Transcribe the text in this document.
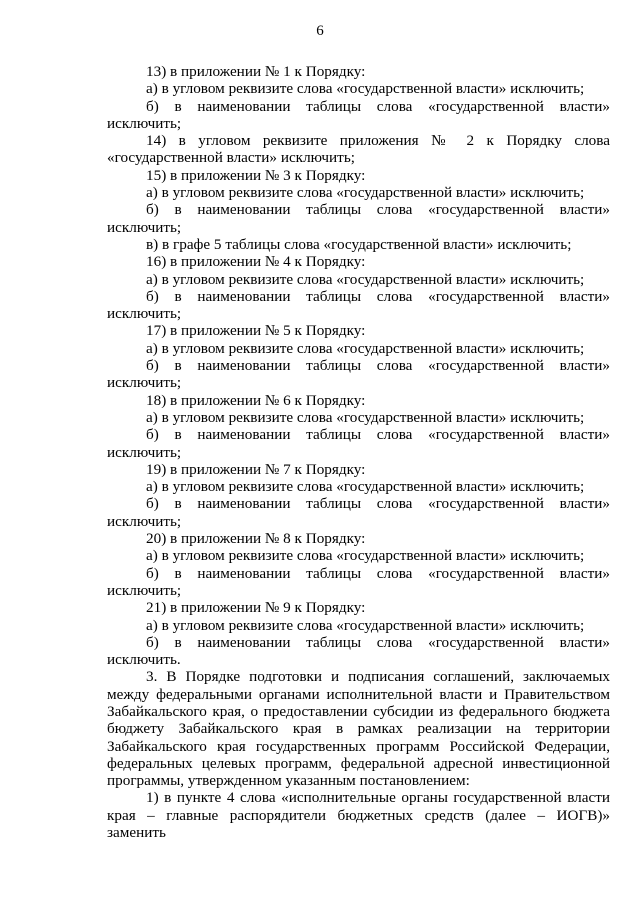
6

13) в приложении № 1 к Порядку:

а) в угловом реквизите слова «государственной власти» исключить;

б) в наименовании таблицы слова «государственной власти» исключить;

14) в угловом реквизите приложения № 2 к Порядку слова «государственной власти» исключить;

15) в приложении № 3 к Порядку:

а) в угловом реквизите слова «государственной власти» исключить;

б) в наименовании таблицы слова «государственной власти» исключить;

в) в графе 5 таблицы слова «государственной власти» исключить;

16) в приложении № 4 к Порядку:

а) в угловом реквизите слова «государственной власти» исключить;

б) в наименовании таблицы слова «государственной власти» исключить;

17) в приложении № 5 к Порядку:

а) в угловом реквизите слова «государственной власти» исключить;

б) в наименовании таблицы слова «государственной власти» исключить;

18) в приложении № 6 к Порядку:

а) в угловом реквизите слова «государственной власти» исключить;

б) в наименовании таблицы слова «государственной власти» исключить;

19) в приложении № 7 к Порядку:

а) в угловом реквизите слова «государственной власти» исключить;

б) в наименовании таблицы слова «государственной власти» исключить;

20) в приложении № 8 к Порядку:

а) в угловом реквизите слова «государственной власти» исключить;

б) в наименовании таблицы слова «государственной власти» исключить;

21) в приложении № 9 к Порядку:

а) в угловом реквизите слова «государственной власти» исключить;

б) в наименовании таблицы слова «государственной власти» исключить.

3. В Порядке подготовки и подписания соглашений, заключаемых между федеральными органами исполнительной власти и Правительством Забайкальского края, о предоставлении субсидии из федерального бюджета бюджету Забайкальского края в рамках реализации на территории Забайкальского края государственных программ Российской Федерации, федеральных целевых программ, федеральной адресной инвестиционной программы, утвержденном указанным постановлением:

1) в пункте 4 слова «исполнительные органы государственной власти края – главные распорядители бюджетных средств (далее – ИОГВ)» заменить
